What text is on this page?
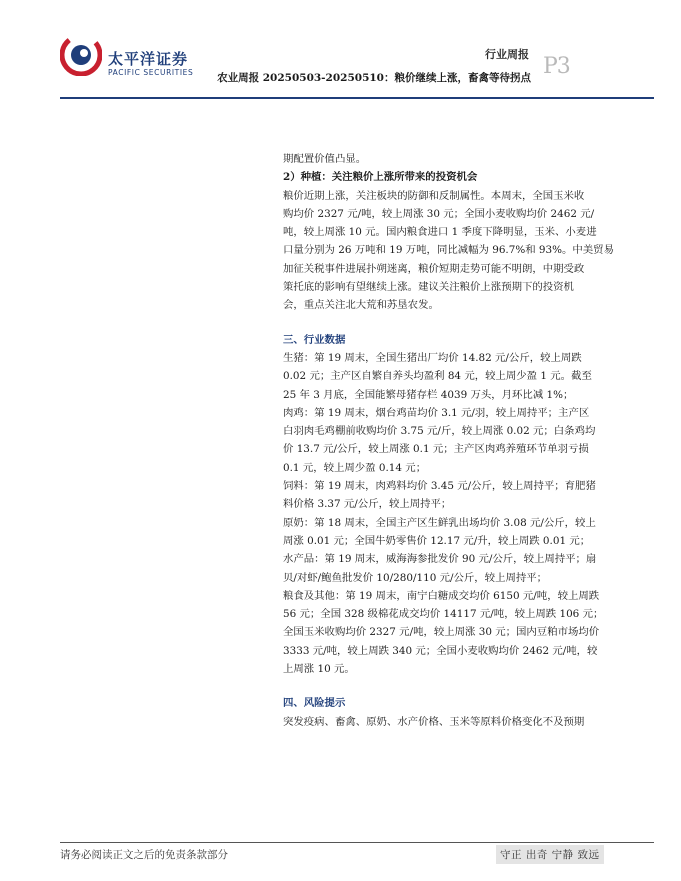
太平洋证券
PACIFIC SECURITIES
行业周报
农业周报 20250503-20250510：粮价继续上涨，畜禽等待拐点 P3
期配置价值凸显。
2）种植：关注粮价上涨所带来的投资机会
粮价近期上涨，关注板块的防御和反制属性。本周末，全国玉米收
购均价 2327 元/吨，较上周涨 30 元；全国小麦收购均价 2462 元/
吨，较上周涨 10 元。国内粮食进口 1 季度下降明显，玉米、小麦进
口量分别为 26 万吨和 19 万吨，同比减幅为 96.7%和 93%。中美贸易
加征关税事件进展扑朔迷离，粮价短期走势可能不明朗，中期受政
策托底的影响有望继续上涨。建议关注粮价上涨预期下的投资机
会，重点关注北大荒和苏垦农发。
三、行业数据
生猪：第 19 周末，全国生猪出厂均价 14.82 元/公斤，较上周跌
0.02 元；主产区自繁自养头均盈利 84 元，较上周少盈 1 元。截至
25 年 3 月底，全国能繁母猪存栏 4039 万头，月环比减 1%；
肉鸡：第 19 周末，烟台鸡苗均价 3.1 元/羽，较上周持平；主产区
白羽肉毛鸡棚前收购均价 3.75 元/斤，较上周涨 0.02 元；白条鸡均
价 13.7 元/公斤，较上周涨 0.1 元；主产区肉鸡养殖环节单羽亏损
0.1 元，较上周少盈 0.14 元；
饲料：第 19 周末，肉鸡料均价 3.45 元/公斤，较上周持平；育肥猪
料价格 3.37 元/公斤，较上周持平；
原奶：第 18 周末，全国主产区生鲜乳出场均价 3.08 元/公斤，较上
周涨 0.01 元；全国牛奶零售价 12.17 元/升，较上周跌 0.01 元；
水产品：第 19 周末，威海海参批发价 90 元/公斤，较上周持平；扇
贝/对虾/鲍鱼批发价 10/280/110 元/公斤，较上周持平；
粮食及其他：第 19 周末，南宁白糖成交均价 6150 元/吨，较上周跌
56 元；全国 328 级棉花成交均价 14117 元/吨，较上周跌 106 元；
全国玉米收购均价 2327 元/吨，较上周涨 30 元；国内豆粕市场均价
3333 元/吨，较上周跌 340 元；全国小麦收购均价 2462 元/吨，较
上周涨 10 元。
四、风险提示
突发疫病、畜禽、原奶、水产价格、玉米等原料价格变化不及预期
请务必阅读正文之后的免责条款部分	守正 出奇 宁静 致远
